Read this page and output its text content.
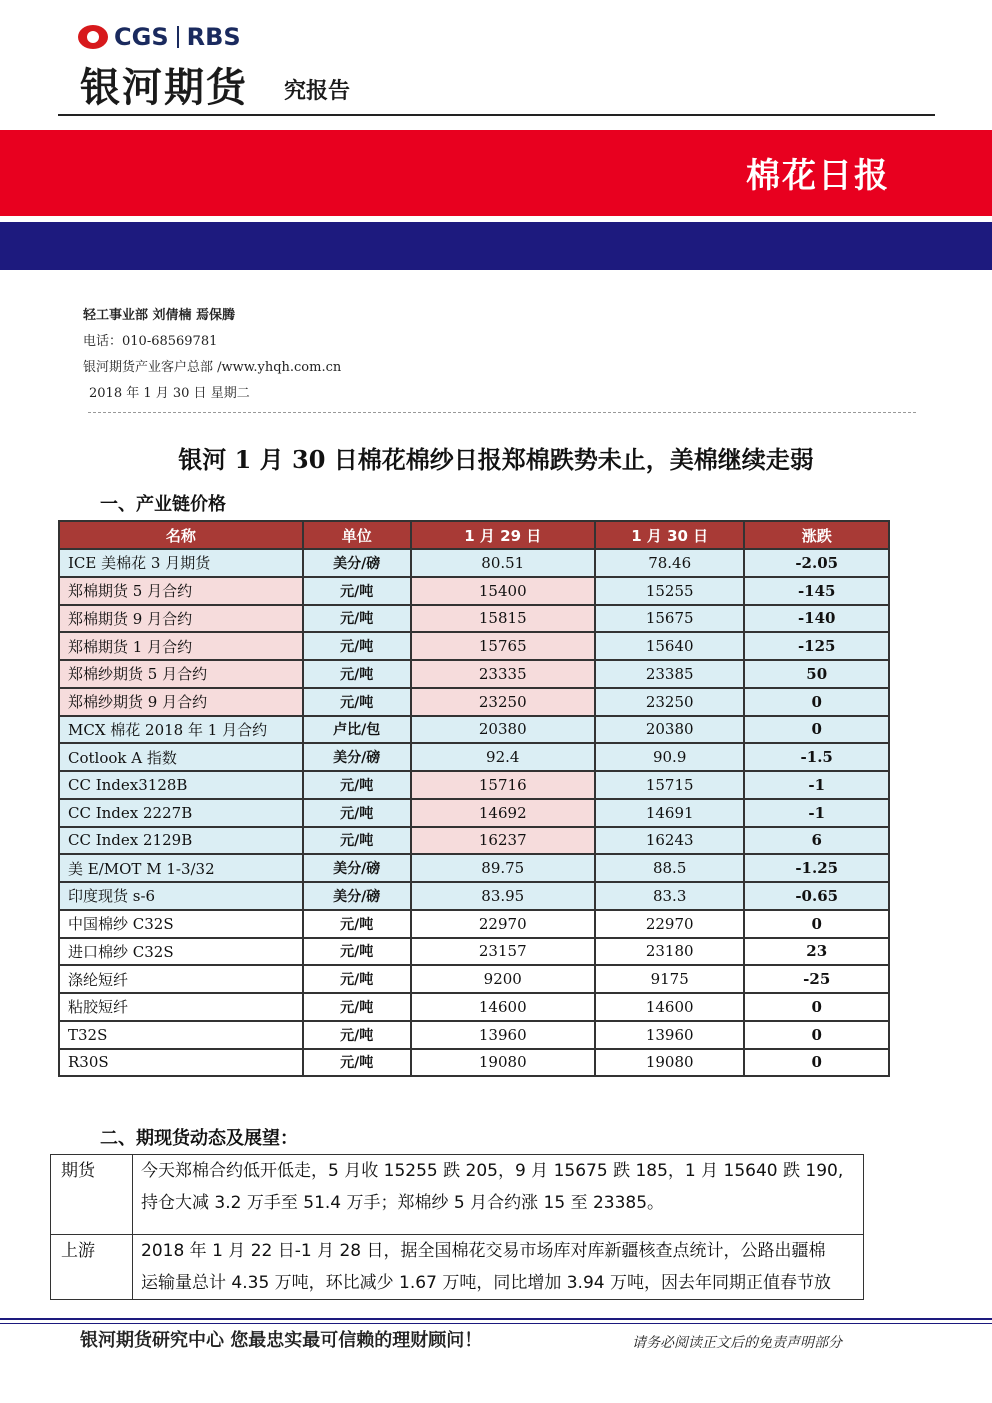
CGS RBS
银河期货 究报告
棉花日报
轻工事业部 刘倩楠 焉保腾
电话：010-68569781
银河期货产业客户总部 /www.yhqh.com.cn
2018 年 1 月 30 日 星期二
银河 1 月 30 日棉花棉纱日报郑棉跌势未止，美棉继续走弱
一、产业链价格
名称	单位	1 月 29 日	1 月 30 日	涨跌
ICE 美棉花 3 月期货	美分/磅	80.51	78.46	-2.05
郑棉期货 5 月合约	元/吨	15400	15255	-145
郑棉期货 9 月合约	元/吨	15815	15675	-140
郑棉期货 1 月合约	元/吨	15765	15640	-125
郑棉纱期货 5 月合约	元/吨	23335	23385	50
郑棉纱期货 9 月合约	元/吨	23250	23250	0
MCX 棉花 2018 年 1 月合约	卢比/包	20380	20380	0
Cotlook A 指数	美分/磅	92.4	90.9	-1.5
CC Index3128B	元/吨	15716	15715	-1
CC Index 2227B	元/吨	14692	14691	-1
CC Index 2129B	元/吨	16237	16243	6
美 E/MOT M 1-3/32	美分/磅	89.75	88.5	-1.25
印度现货 s-6	美分/磅	83.95	83.3	-0.65
中国棉纱 C32S	元/吨	22970	22970	0
进口棉纱 C32S	元/吨	23157	23180	23
涤纶短纤	元/吨	9200	9175	-25
粘胶短纤	元/吨	14600	14600	0
T32S	元/吨	13960	13960	0
R30S	元/吨	19080	19080	0
二、期现货动态及展望：
期货	今天郑棉合约低开低走，5 月收 15255 跌 205，9 月 15675 跌 185，1 月 15640 跌 190,
持仓大减 3.2 万手至 51.4 万手；郑棉纱 5 月合约涨 15 至 23385。

上游	2018 年 1 月 22 日-1 月 28 日，据全国棉花交易市场库对库新疆核查点统计，公路出疆棉
运输量总计 4.35 万吨，环比减少 1.67 万吨，同比增加 3.94 万吨，因去年同期正值春节放
银河期货研究中心 您最忠实最可信赖的理财顾问！	请务必阅读正文后的免责声明部分
